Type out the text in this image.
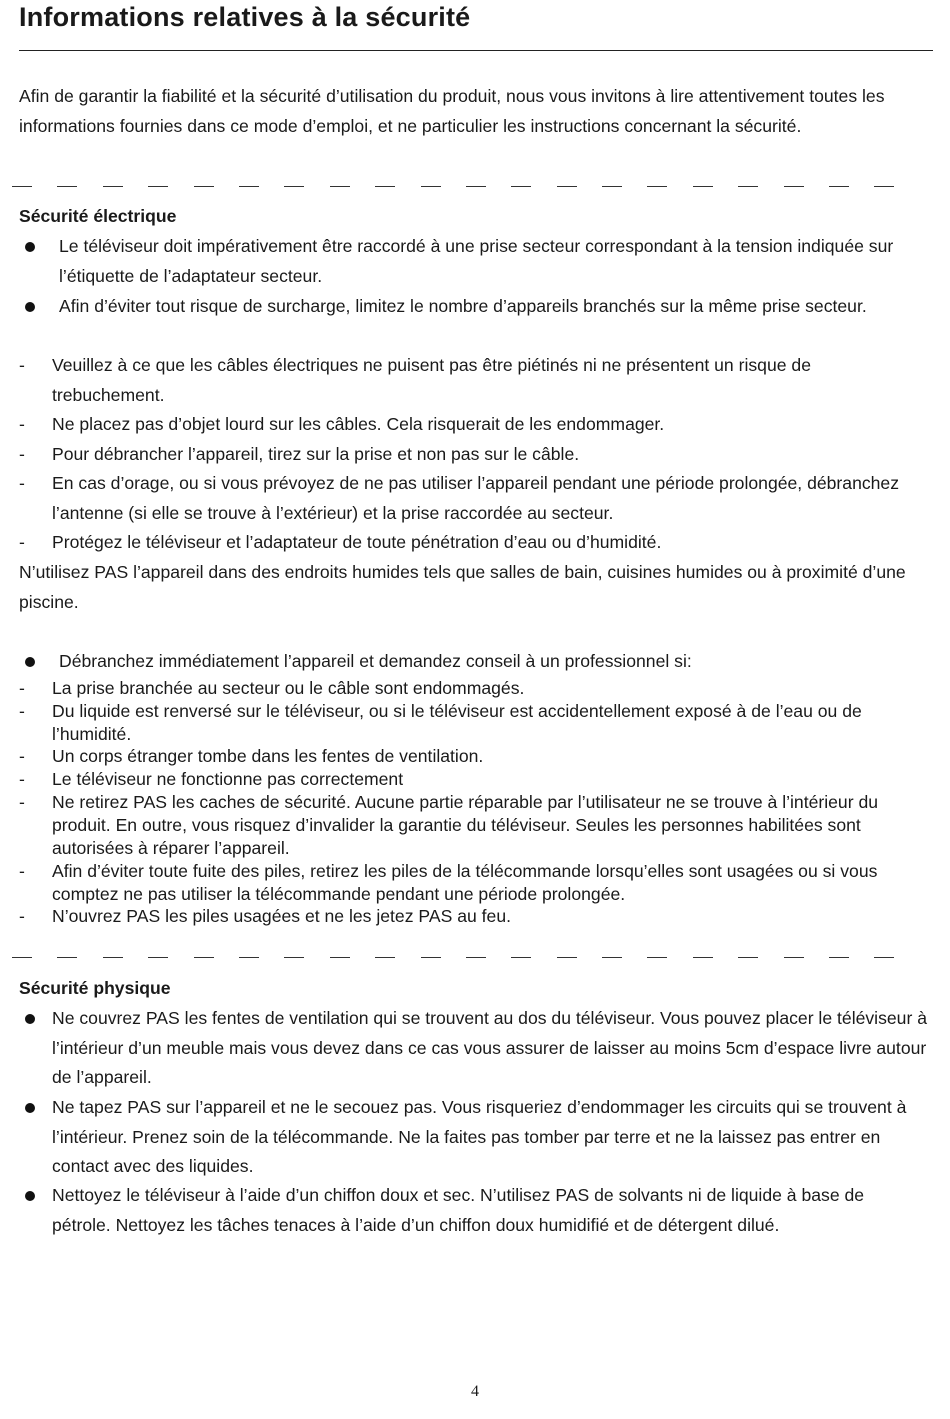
Informations relatives à la sécurité
Afin de garantir la fiabilité et la sécurité d’utilisation du produit, nous vous invitons à lire attentivement toutes les informations fournies dans ce mode d’emploi, et ne particulier les instructions concernant la sécurité.
Sécurité électrique
Le téléviseur doit impérativement être raccordé à une prise secteur correspondant à la tension indiquée sur l’étiquette de l’adaptateur secteur.
Afin d’éviter tout risque de surcharge, limitez le nombre d’appareils branchés sur la même prise secteur.
- Veuillez à ce que les câbles électriques ne puisent pas être piétinés ni ne présentent un risque de trebuchement.
- Ne placez pas d’objet lourd sur les câbles. Cela risquerait de les endommager.
- Pour débrancher l’appareil, tirez sur la prise et non pas sur le câble.
- En cas d’orage, ou si vous prévoyez de ne pas utiliser l’appareil pendant une période prolongée, débranchez l’antenne (si elle se trouve à l’extérieur) et la prise raccordée au secteur.
- Protégez le téléviseur et l’adaptateur de toute pénétration d’eau ou d’humidité.
N’utilisez PAS l’appareil dans des endroits humides tels que salles de bain, cuisines humides ou à proximité d’une piscine.
Débranchez immédiatement l’appareil et demandez conseil à un professionnel si:
- La prise branchée au secteur ou le câble sont endommagés.
- Du liquide est renversé sur le téléviseur, ou si le téléviseur est accidentellement exposé à de l’eau ou de l’humidité.
- Un corps étranger tombe dans les fentes de ventilation.
- Le téléviseur ne fonctionne pas correctement
- Ne retirez PAS les caches de sécurité. Aucune partie réparable par l’utilisateur ne se trouve à l’intérieur du produit. En outre, vous risquez d’invalider la garantie du téléviseur. Seules les personnes habilitées sont autorisées à réparer l’appareil.
- Afin d’éviter toute fuite des piles, retirez les piles de la télécommande lorsqu’elles sont usagées ou si vous comptez ne pas utiliser la télécommande pendant une période prolongée.
- N’ouvrez PAS les piles usagées et ne les jetez PAS au feu.
Sécurité physique
Ne couvrez PAS les fentes de ventilation qui se trouvent au dos du téléviseur. Vous pouvez placer le téléviseur à l’intérieur d’un meuble mais vous devez dans ce cas vous assurer de laisser au moins 5cm d’espace livre autour de l’appareil.
Ne tapez PAS sur l’appareil et ne le secouez pas. Vous risqueriez d’endommager les circuits qui se trouvent à l’intérieur. Prenez soin de la télécommande. Ne la faites pas tomber par terre et ne la laissez pas entrer en contact avec des liquides.
Nettoyez le téléviseur à l’aide d’un chiffon doux et sec. N’utilisez PAS de solvants ni de liquide à base de pétrole. Nettoyez les tâches tenaces à l’aide d’un chiffon doux humidifié et de détergent dilué.
4
